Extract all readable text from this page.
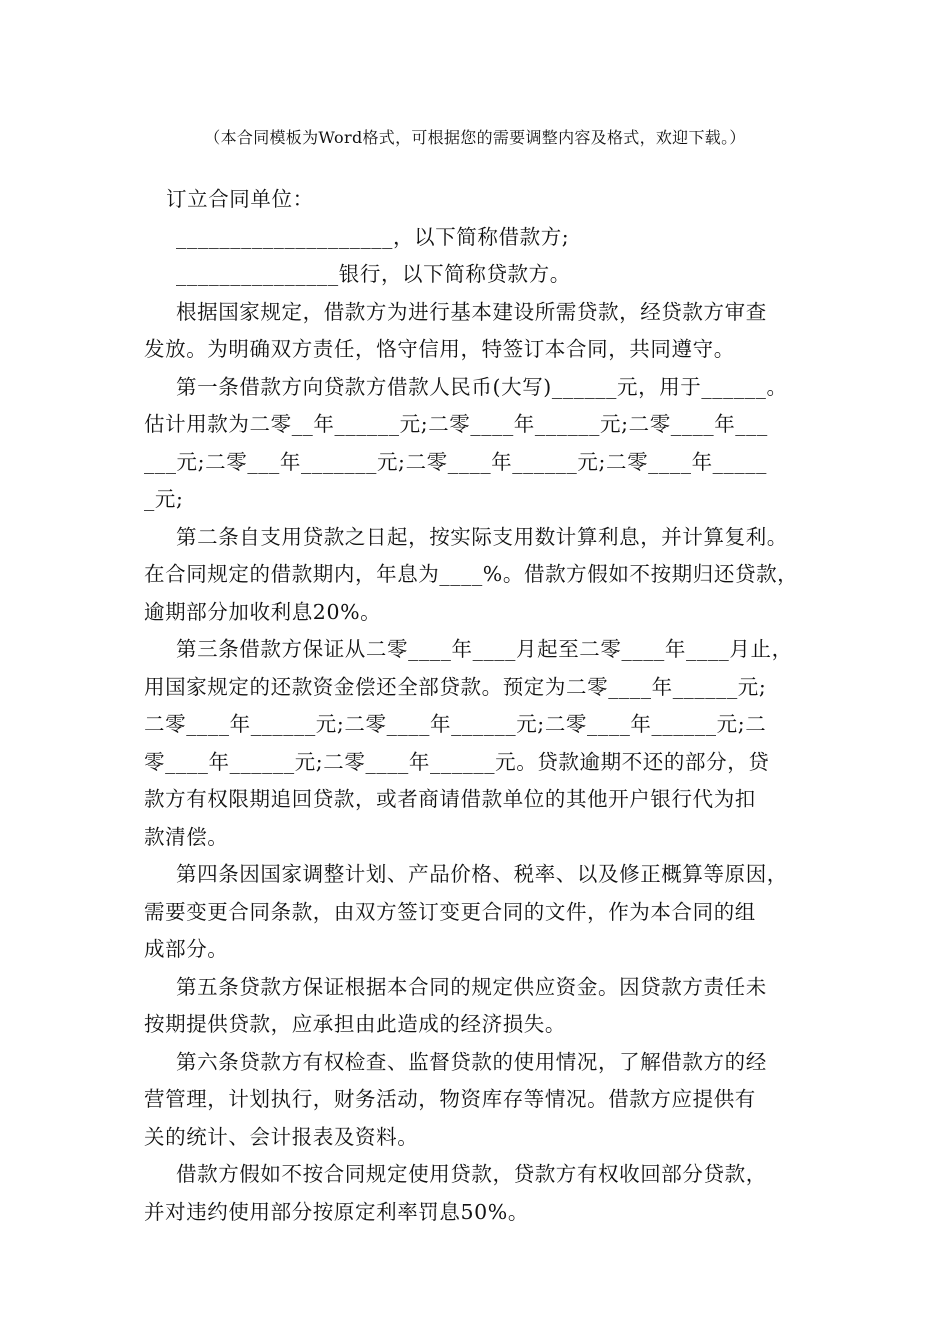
（本合同模板为Word格式，可根据您的需要调整内容及格式，欢迎下载。）
订立合同单位：
____________________，以下简称借款方;
_______________银行，以下简称贷款方。
根据国家规定，借款方为进行基本建设所需贷款，经贷款方审查
发放。为明确双方责任，恪守信用，特签订本合同，共同遵守。
第一条借款方向贷款方借款人民币(大写)______元，用于______。
估计用款为二零__年______元;二零____年______元;二零____年___
___元;二零___年_______元;二零____年______元;二零____年_____
_元;
第二条自支用贷款之日起，按实际支用数计算利息，并计算复利。
在合同规定的借款期内，年息为____%。借款方假如不按期归还贷款，
逾期部分加收利息20%。
第三条借款方保证从二零____年____月起至二零____年____月止，
用国家规定的还款资金偿还全部贷款。预定为二零____年______元;
二零____年______元;二零____年______元;二零____年______元;二
零____年______元;二零____年______元。贷款逾期不还的部分，贷
款方有权限期追回贷款，或者商请借款单位的其他开户银行代为扣
款清偿。
第四条因国家调整计划、产品价格、税率、以及修正概算等原因，
需要变更合同条款，由双方签订变更合同的文件，作为本合同的组
成部分。
第五条贷款方保证根据本合同的规定供应资金。因贷款方责任未
按期提供贷款，应承担由此造成的经济损失。
第六条贷款方有权检查、监督贷款的使用情况，了解借款方的经
营管理，计划执行，财务活动，物资库存等情况。借款方应提供有
关的统计、会计报表及资料。
借款方假如不按合同规定使用贷款，贷款方有权收回部分贷款，
并对违约使用部分按原定利率罚息50%。
